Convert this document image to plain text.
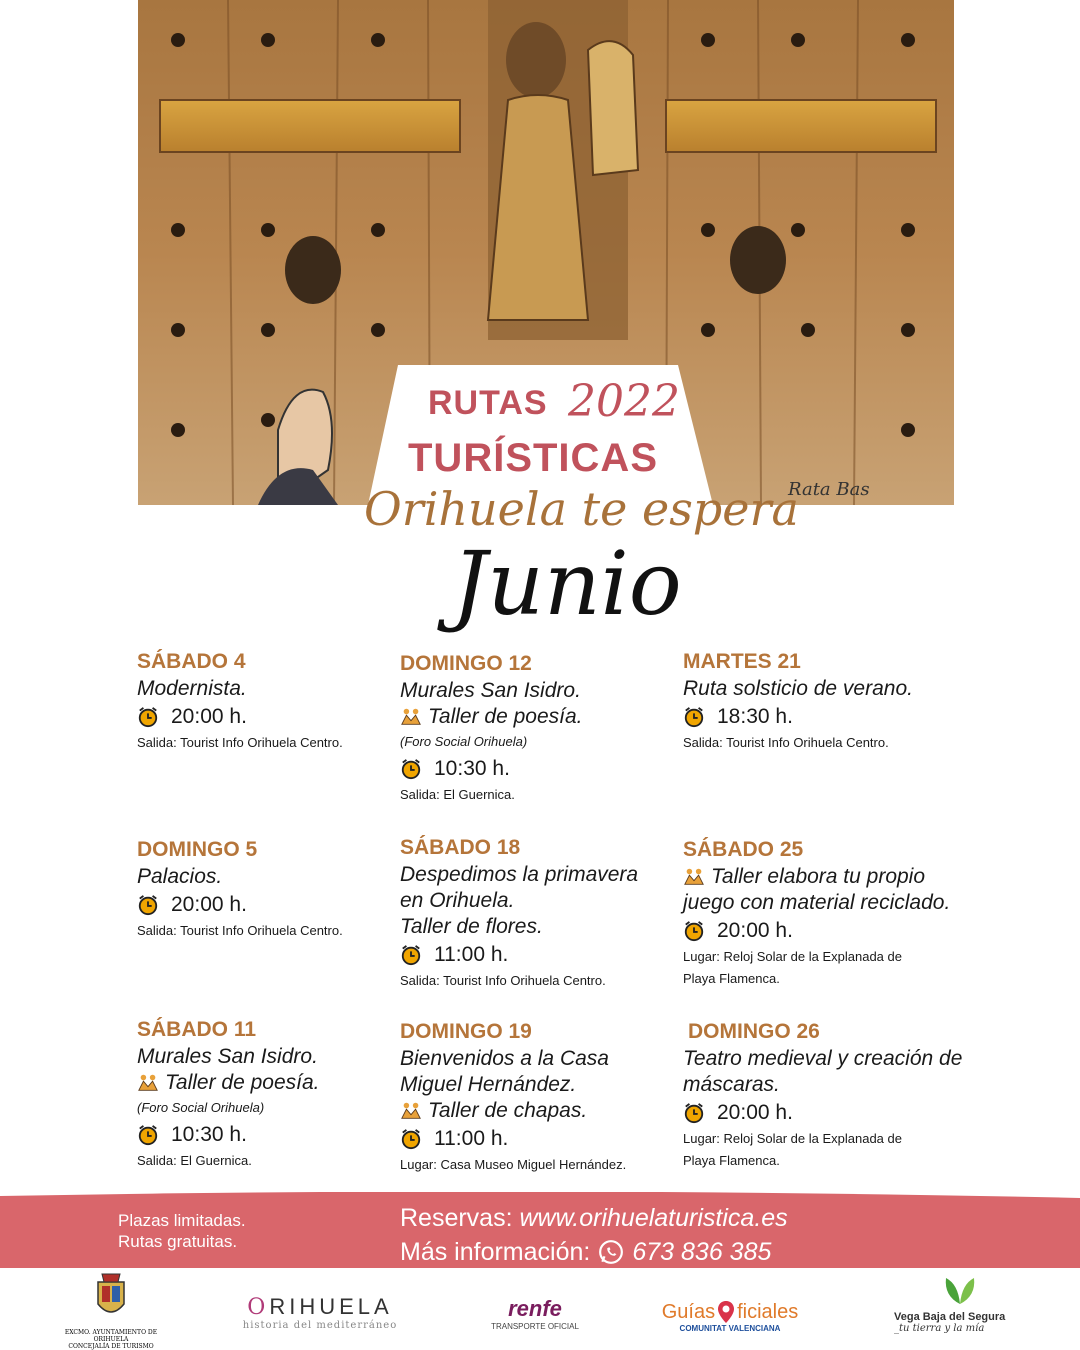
Rata Bas
RUTAS 2022
TURÍSTICAS
Orihuela te espera
Junio
SÁBADO 4
Modernista.
20:00 h.
Salida: Tourist Info Orihuela Centro.
DOMINGO 5
Palacios.
20:00 h.
Salida: Tourist Info Orihuela Centro.
SÁBADO 11
Murales San Isidro.
Taller de poesía.
(Foro Social Orihuela)
10:30 h.
Salida: El Guernica.
DOMINGO 12
Murales San Isidro.
Taller de poesía.
(Foro Social Orihuela)
10:30 h.
Salida: El Guernica.
SÁBADO 18
Despedimos la primavera
en Orihuela.
Taller de flores.
11:00 h.
Salida: Tourist Info Orihuela Centro.
DOMINGO 19
Bienvenidos a la Casa
Miguel Hernández.
Taller de chapas.
11:00 h.
Lugar: Casa Museo Miguel Hernández.
MARTES 21
Ruta solsticio de verano.
18:30 h.
Salida: Tourist Info Orihuela Centro.
SÁBADO 25
Taller elabora tu propio
juego con material reciclado.
20:00 h.
Lugar: Reloj Solar de la Explanada de
Playa Flamenca.
DOMINGO 26
Teatro medieval y creación de
máscaras.
20:00 h.
Lugar: Reloj Solar de la Explanada de
Playa Flamenca.
Plazas limitadas.
Rutas gratuitas.
Reservas: www.orihuelaturistica.es
Más información: 673 836 385
EXCMO. AYUNTAMIENTO DE ORIHUELA
CONCEJALÍA DE TURISMO
ORIHUELA
historia del mediterráneo
renfe
TRANSPORTE OFICIAL
Guías ficiales
COMUNITAT VALENCIANA
Vega Baja del Segura
_tu tierra y la mía
